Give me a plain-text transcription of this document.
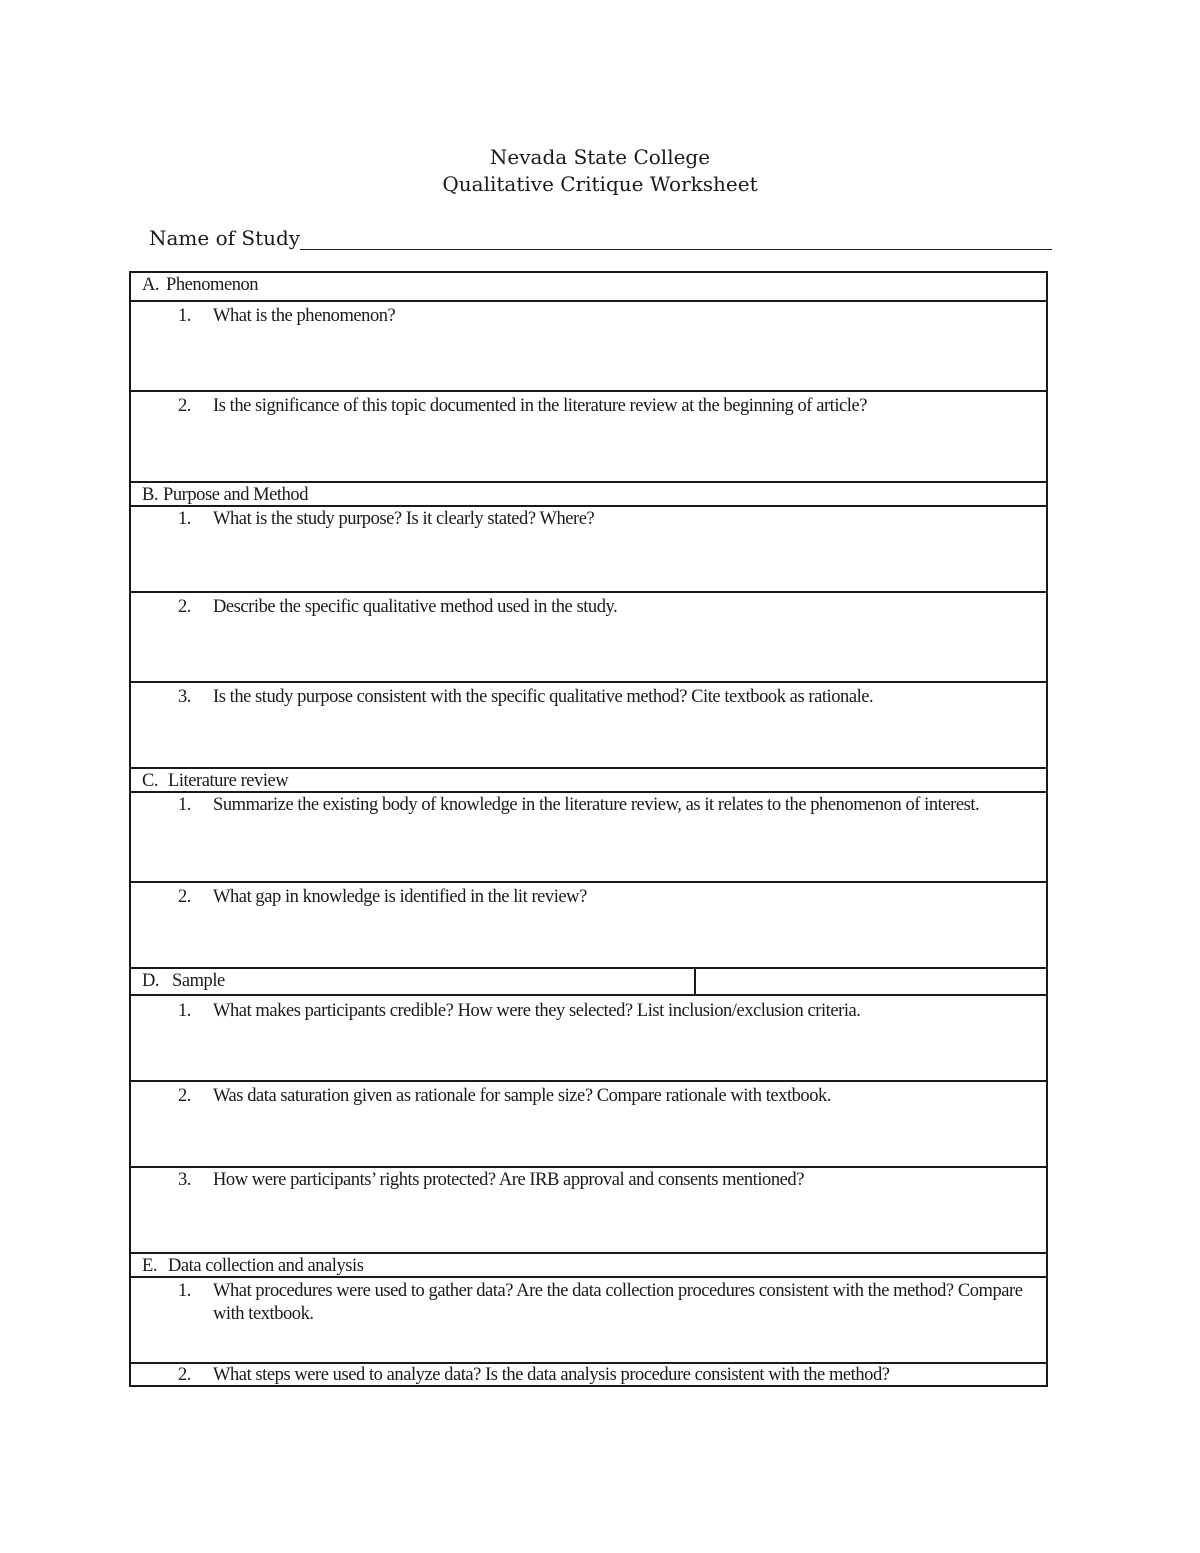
Nevada State College
Qualitative Critique Worksheet
Name of Study
A. Phenomenon
1.	What is the phenomenon?
2.	Is the significance of this topic documented in the literature review at the beginning of article?
B. Purpose and Method
1.	What is the study purpose? Is it clearly stated? Where?
2.	Describe the specific qualitative method used in the study.
3.	Is the study purpose consistent with the specific qualitative method? Cite textbook as rationale.
C. Literature review
1.	Summarize the existing body of knowledge in the literature review, as it relates to the phenomenon of interest.
2.	What gap in knowledge is identified in the lit review?
D. Sample
1.	What makes participants credible? How were they selected? List inclusion/exclusion criteria.
2.	Was data saturation given as rationale for sample size? Compare rationale with textbook.
3.	How were participants’ rights protected? Are IRB approval and consents mentioned?
E. Data collection and analysis
1.	What procedures were used to gather data? Are the data collection procedures consistent with the method? Compare with textbook.
2.	What steps were used to analyze data? Is the data analysis procedure consistent with the method?
